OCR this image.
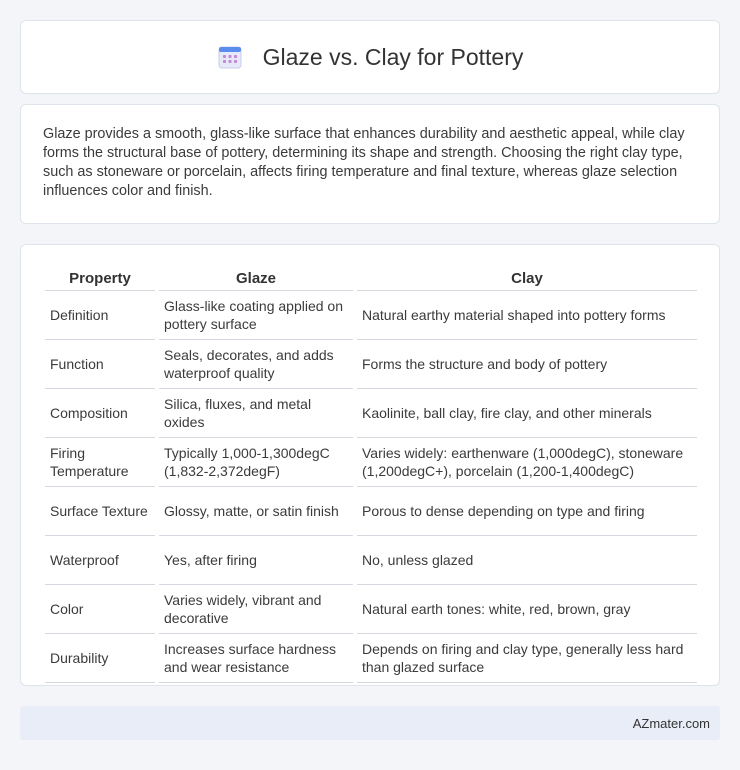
Glaze vs. Clay for Pottery

Glaze provides a smooth, glass-like surface that enhances durability and aesthetic appeal, while clay forms the structural base of pottery, determining its shape and strength. Choosing the right clay type, such as stoneware or porcelain, affects firing temperature and final texture, whereas glaze selection influences color and finish.

Property	Glaze	Clay
Definition	Glass-like coating applied on pottery surface	Natural earthy material shaped into pottery forms
Function	Seals, decorates, and adds waterproof quality	Forms the structure and body of pottery
Composition	Silica, fluxes, and metal oxides	Kaolinite, ball clay, fire clay, and other minerals
Firing Temperature	Typically 1,000-1,300degC (1,832-2,372degF)	Varies widely: earthenware (1,000degC), stoneware (1,200degC+), porcelain (1,200-1,400degC)
Surface Texture	Glossy, matte, or satin finish	Porous to dense depending on type and firing
Waterproof	Yes, after firing	No, unless glazed
Color	Varies widely, vibrant and decorative	Natural earth tones: white, red, brown, gray
Durability	Increases surface hardness and wear resistance	Depends on firing and clay type, generally less hard than glazed surface
AZmater.com
